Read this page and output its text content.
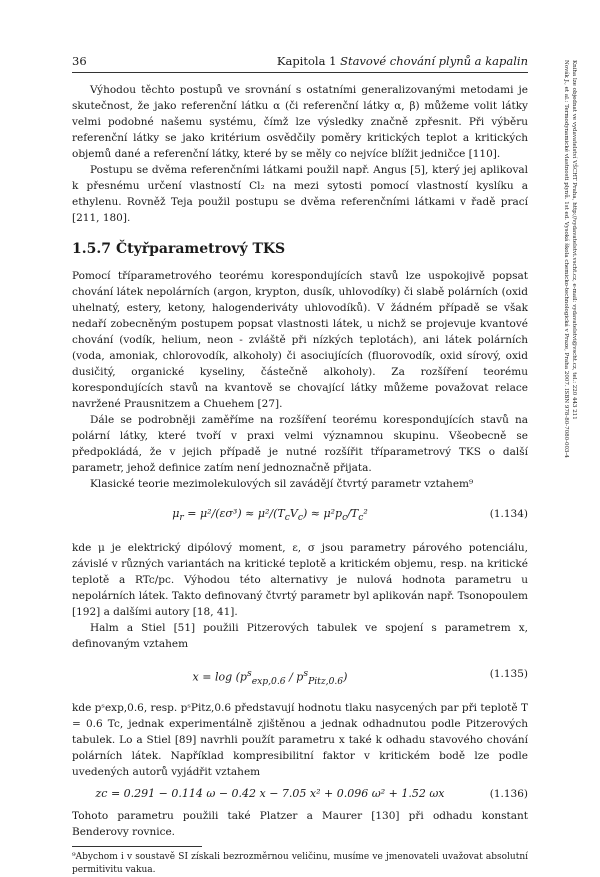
36	Kapitola 1 Stavové chování plynů a kapalin	Novák J., et al.: Termodynamické vlastnosti plynů. 1st ed. Vysoká škola chemicko-technologická v Praze, Praha 2007. ISBN 978-80-7080-003-4 Kniha lze objednat ve vydavatelství VŠCHT Praha, http://vydavatelstvi.vscht.cz, e-mail: vydavatelstvi@vscht.cz, tel.: 220 443 211

Výhodou těchto postupů ve srovnání s ostatními generalizovanými metodami je skutečnost, že jako referenční látku α (či referenční látky α, β) můžeme volit látky velmi podobné našemu systému, čímž lze výsledky značně zpřesnit. Při výběru referenční látky se jako kritérium osvědčily poměry kritických teplot a kritických objemů dané a referenční látky, které by se měly co nejvíce blížit jedničce [110].

Postupu se dvěma referenčními látkami použil např. Angus [5], který jej aplikoval k přesnému určení vlastností Cl₂ na mezi sytosti pomocí vlastností kyslíku a ethylenu. Rovněž Teja použil postupu se dvěma referenčními látkami v řadě prací [211, 180].

1.5.7 Čtyřparametrový TKS

Pomocí tříparametrového teorému korespondujících stavů lze uspokojivě popsat chování látek nepolárních (argon, krypton, dusík, uhlovodíky) či slabě polárních (oxid uhelnatý, estery, ketony, halogenderiváty uhlovodíků). V žádném případě se však nedaří zobecněným postupem popsat vlastnosti látek, u nichž se projevuje kvantové chování (vodík, helium, neon - zvláště při nízkých teplotách), ani látek polárních (voda, amoniak, chlorovodík, alkoholy) či asociujících (fluorovodík, oxid sírový, oxid dusičitý, organické kyseliny, částečně alkoholy). Za rozšíření teorému korespondujících stavů na kvantově se chovající látky můžeme považovat relace navržené Prausnitzem a Chuehem [27].

Dále se podrobněji zaměříme na rozšíření teorému korespondujících stavů na polární látky, které tvoří v praxi velmi významnou skupinu. Všeobecně se předpokládá, že v jejich případě je nutné rozšířit tříparametrový TKS o další parametr, jehož definice zatím není jednoznačně přijata.

Klasické teorie mezimolekulových sil zavádějí čtvrtý parametr vztahem⁹

$\mu_r = \mu^2/(\varepsilon\sigma^3) \approx \mu^2/(T_cV_c) \approx \mu^2p_c/T_c^2$	(1.134)

kde μ je elektrický dipólový moment, ε, σ jsou parametry párového potenciálu, závislé v různých variantách na kritické teplotě a kritickém objemu, resp. na kritické teplotě a RTc/pc. Výhodou této alternativy je nulová hodnota parametru u nepolárních látek. Takto definovaný čtvrtý parametr byl aplikován např. Tsonopoulem [192] a dalšími autory [18, 41].

Halm a Stiel [51] použili Pitzerových tabulek ve spojení s parametrem x, definovaným vztahem

$x = \log (p^s_{exp,0.6} / p^s_{Pitz,0.6})$	(1.135)

kde pˢexp,0.6, resp. pˢPitz,0.6 představují hodnotu tlaku nasycených par při teplotě T = 0.6 Tc, jednak experimentálně zjištěnou a jednak odhadnutou podle Pitzerových tabulek. Lo a Stiel [89] navrhli použít parametru x také k odhadu stavového chování polárních látek. Například kompresibilitní faktor v kritickém bodě lze podle uvedených autorů vyjádřit vztahem

zc = 0.291 − 0.114 ω − 0.42 x − 7.05 x² + 0.096 ω² + 1.52 ωx	(1.136)

Tohoto parametru použili také Platzer a Maurer [130] při odhadu konstant Benderovy rovnice.

⁹Abychom i v soustavě SI získali bezrozměrnou veličinu, musíme ve jmenovateli uvažovat absolutní permitivitu vakua.
